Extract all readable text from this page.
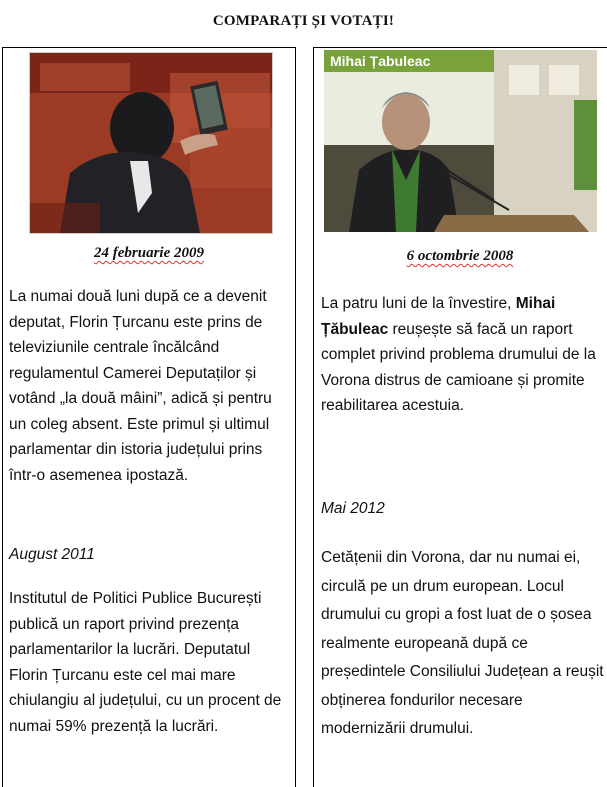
COMPARAȚI ȘI VOTAȚI!
24 februarie 2009
La numai două luni după ce a devenit deputat, Florin Țurcanu este prins de televiziunile centrale încălcând regulamentul Camerei Deputaților și votând „la două mâini”, adică și pentru un coleg absent. Este primul și ultimul parlamentar din istoria județului prins într-o asemenea ipostază.
August 2011
Institutul de Politici Publice București publică un raport privind prezența parlamentarilor la lucrări. Deputatul Florin Țurcanu este cel mai mare chiulangiu al județului, cu un procent de numai 59% prezență la lucrări.
Mihai Țabuleac
6 octombrie 2008
La patru luni de la învestire, Mihai Țăbuleac reușește să facă un raport complet privind problema drumului de la Vorona distrus de camioane și promite reabilitarea acestuia.
Mai 2012
Cetățenii din Vorona, dar nu numai ei, circulă pe un drum european. Locul drumului cu gropi a fost luat de o șosea realmente europeană după ce președintele Consiliului Județean a reușit obținerea fondurilor necesare modernizării drumului.
